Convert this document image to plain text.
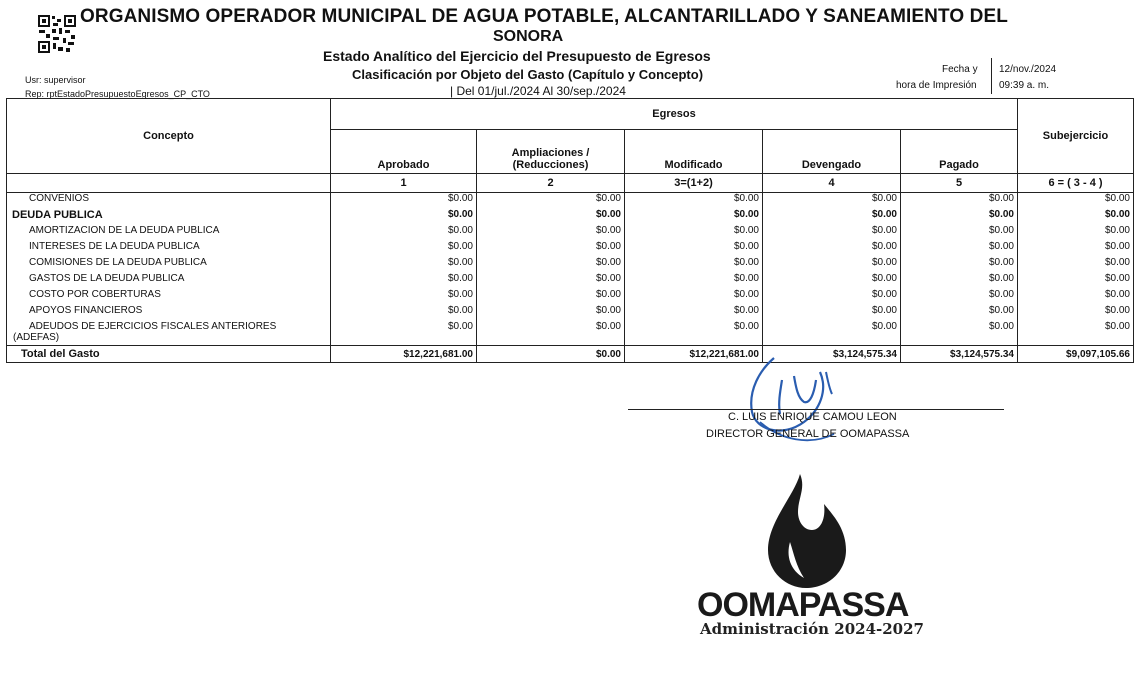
ORGANISMO OPERADOR MUNICIPAL DE AGUA POTABLE, ALCANTARILLADO Y SANEAMIENTO DEL
SONORA
Estado Analítico del Ejercicio del Presupuesto de Egresos
Clasificación por Objeto del Gasto (Capítulo y Concepto)
| Del 01/jul./2024 Al 30/sep./2024
Usr: supervisor
Rep: rptEstadoPresupuestoEgresos_CP_CTO
Fecha y
hora de Impresión
12/nov./2024
09:39 a. m.
Concepto	Egresos					Subejercicio
	Aprobado	Ampliaciones / (Reducciones)	Modificado	Devengado	Pagado	
	1	2	3=(1+2)	4	5	6 = ( 3 - 4 )
CONVENIOS	$0.00	$0.00	$0.00	$0.00	$0.00	$0.00
DEUDA PUBLICA	$0.00	$0.00	$0.00	$0.00	$0.00	$0.00
AMORTIZACION DE LA DEUDA PUBLICA	$0.00	$0.00	$0.00	$0.00	$0.00	$0.00
INTERESES DE LA DEUDA PUBLICA	$0.00	$0.00	$0.00	$0.00	$0.00	$0.00
COMISIONES DE LA DEUDA PUBLICA	$0.00	$0.00	$0.00	$0.00	$0.00	$0.00
GASTOS DE LA DEUDA PUBLICA	$0.00	$0.00	$0.00	$0.00	$0.00	$0.00
COSTO POR COBERTURAS	$0.00	$0.00	$0.00	$0.00	$0.00	$0.00
APOYOS FINANCIEROS	$0.00	$0.00	$0.00	$0.00	$0.00	$0.00

ADEUDOS DE EJERCICIOS FISCALES ANTERIORES
(ADEFAS)	$0.00	$0.00	$0.00	$0.00	$0.00	$0.00
Total del Gasto	$12,221,681.00	$0.00	$12,221,681.00	$3,124,575.34	$3,124,575.34	$9,097,105.66
C. LUIS ENRIQUE CAMOU LEON
DIRECTOR GENERAL DE OOMAPASSA
OOMAPASSA
Administración 2024-2027
